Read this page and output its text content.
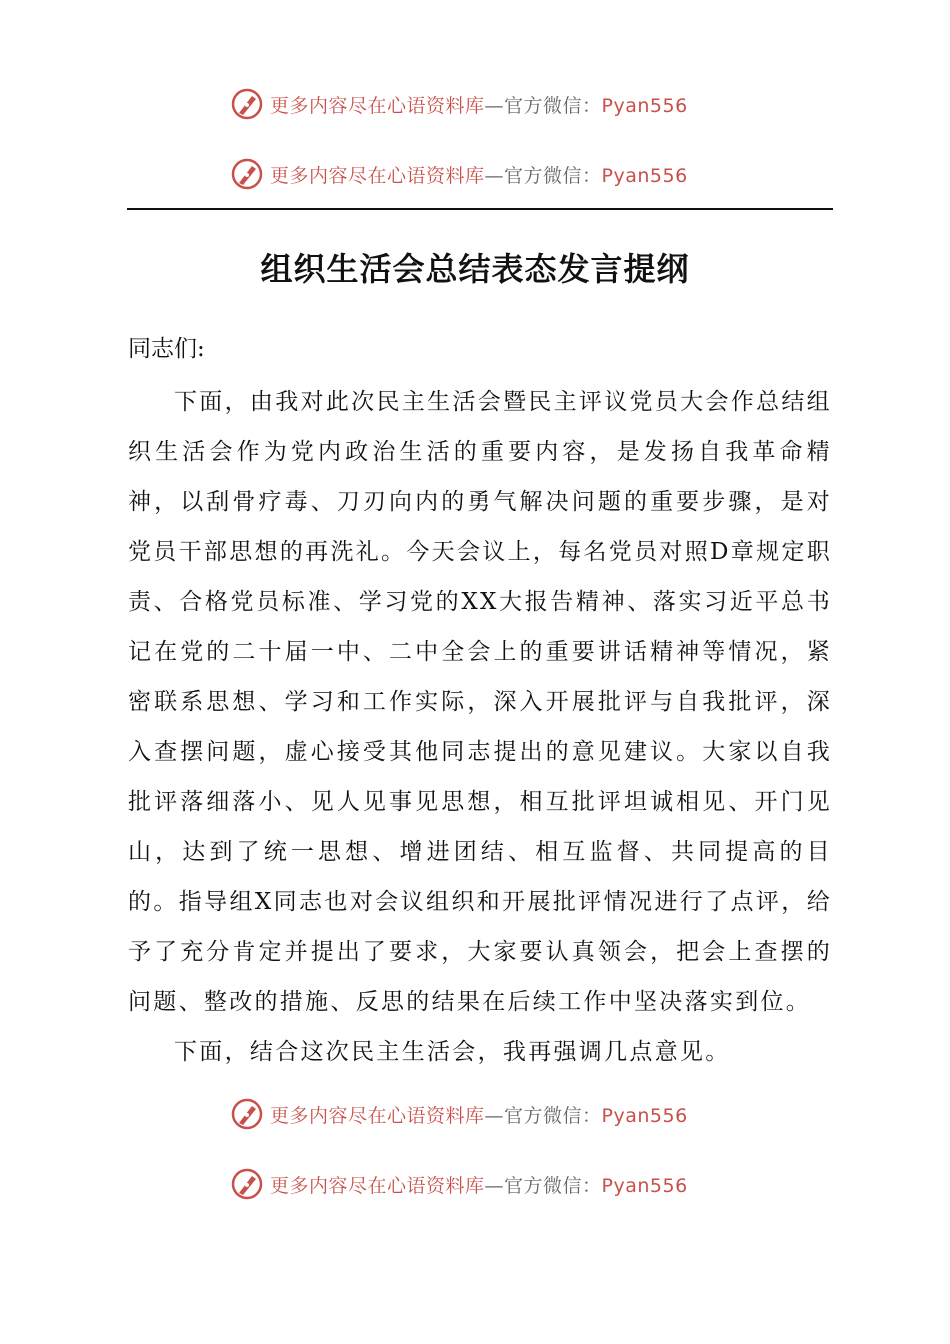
更多内容尽在心语资料库—官方微信：Pyan556
更多内容尽在心语资料库—官方微信：Pyan556
组织生活会总结表态发言提纲
同志们:

下面，由我对此次民主生活会暨民主评议党员大会作总结组织生活会作为党内政治生活的重要内容，是发扬自我革命精神，以刮骨疗毒、刀刃向内的勇气解决问题的重要步骤，是对党员干部思想的再洗礼。今天会议上，每名党员对照D章规定职责、合格党员标准、学习党的XX大报告精神、落实习近平总书记在党的二十届一中、二中全会上的重要讲话精神等情况，紧密联系思想、学习和工作实际，深入开展批评与自我批评，深入查摆问题，虚心接受其他同志提出的意见建议。大家以自我批评落细落小、见人见事见思想，相互批评坦诚相见、开门见山，达到了统一思想、增进团结、相互监督、共同提高的目的。指导组X同志也对会议组织和开展批评情况进行了点评，给予了充分肯定并提出了要求，大家要认真领会，把会上查摆的问题、整改的措施、反思的结果在后续工作中坚决落实到位。

下面，结合这次民主生活会，我再强调几点意见。

更多内容尽在心语资料库—官方微信：Pyan556
更多内容尽在心语资料库—官方微信：Pyan556
